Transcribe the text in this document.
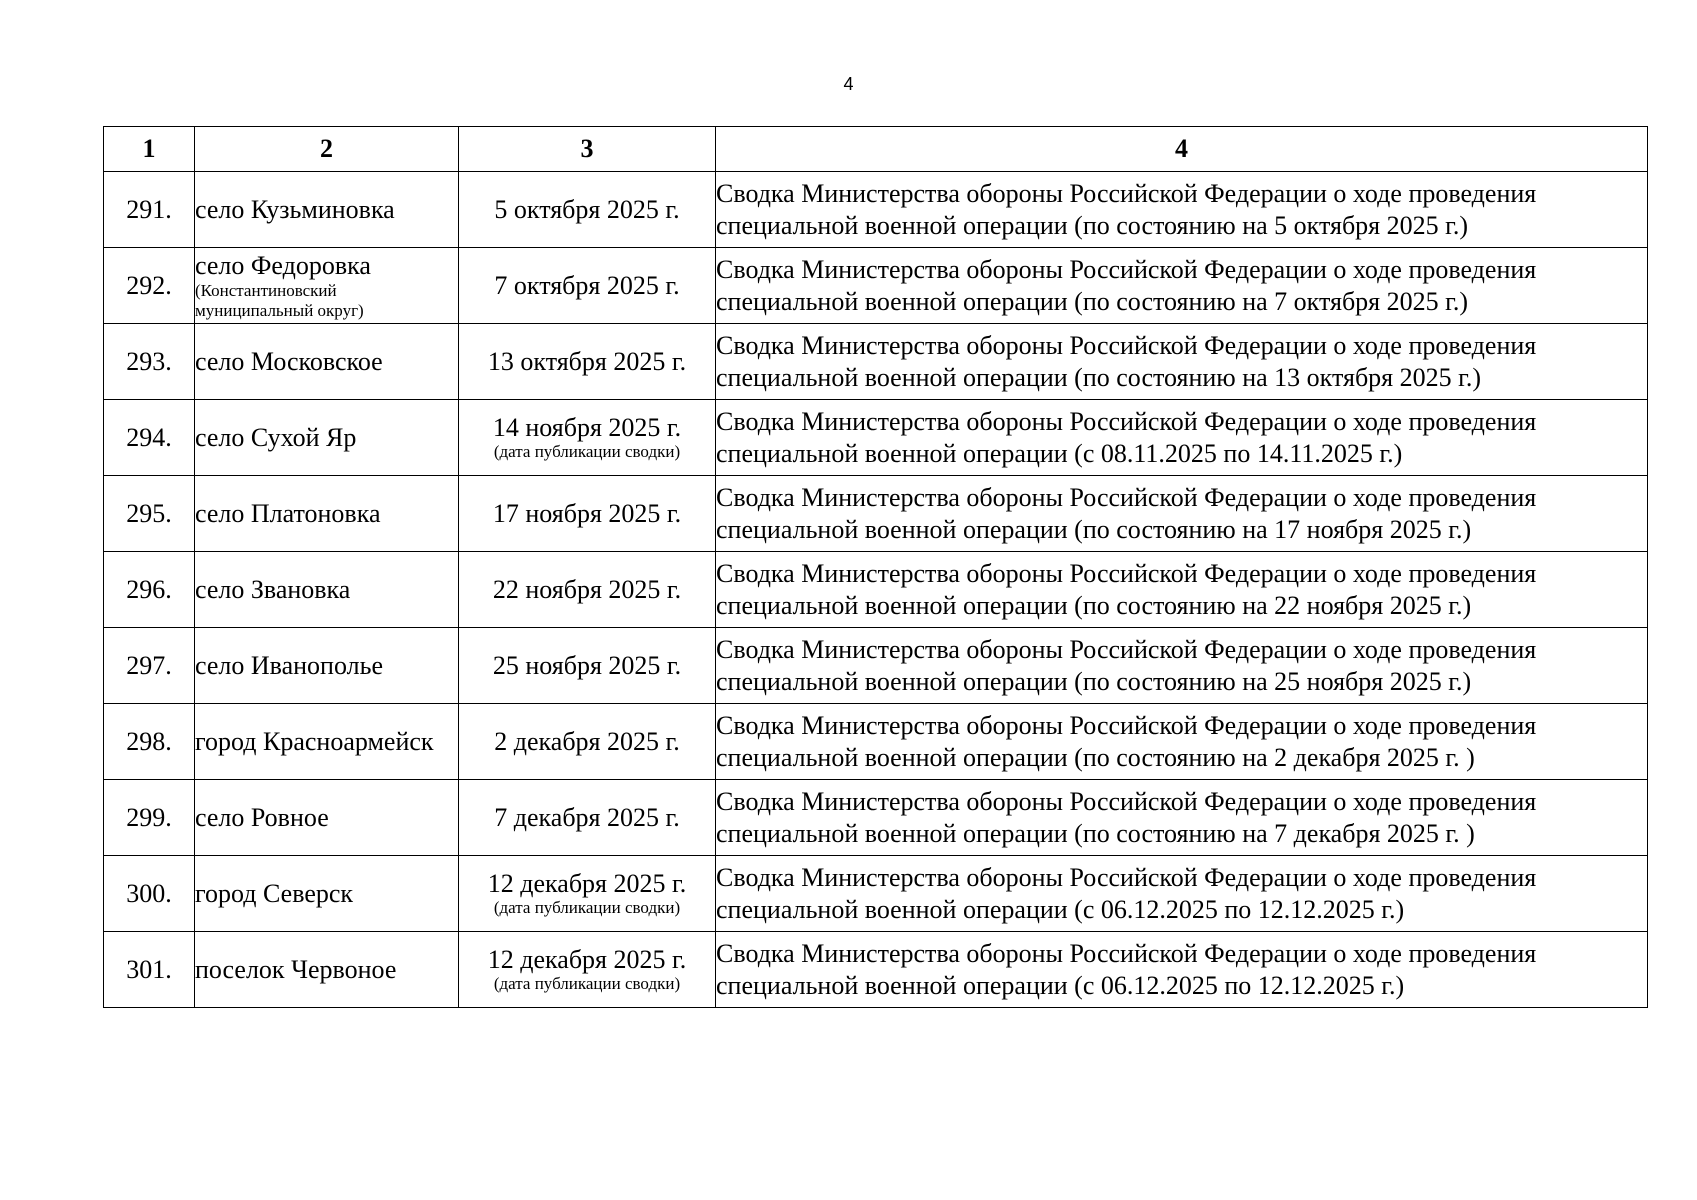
4
1	2	3	4
291.	село Кузьминовка	5 октября 2025 г.	Сводка Министерства обороны Российской Федерации о ходе проведения
специальной военной операции (по состоянию на 5 октября 2025 г.)

292.	село Федоровка
(Константиновский муниципальный округ)	7 октября 2025 г.	Сводка Министерства обороны Российской Федерации о ходе проведения
специальной военной операции (по состоянию на 7 октября 2025 г.)

293.	село Московское	13 октября 2025 г.	Сводка Министерства обороны Российской Федерации о ходе проведения
специальной военной операции (по состоянию на 13 октября 2025 г.)

294.	село Сухой Яр	14 ноября 2025 г.
(дата публикации сводки)	Сводка Министерства обороны Российской Федерации о ходе проведения
специальной военной операции (с 08.11.2025 по 14.11.2025 г.)

295.	село Платоновка	17 ноября 2025 г.	Сводка Министерства обороны Российской Федерации о ходе проведения
специальной военной операции (по состоянию на 17 ноября 2025 г.)

296.	село Звановка	22 ноября 2025 г.	Сводка Министерства обороны Российской Федерации о ходе проведения
специальной военной операции (по состоянию на 22 ноября 2025 г.)

297.	село Иванополье	25 ноября 2025 г.	Сводка Министерства обороны Российской Федерации о ходе проведения
специальной военной операции (по состоянию на 25 ноября 2025 г.)

298.	город Красноармейск	2 декабря 2025 г.	Сводка Министерства обороны Российской Федерации о ходе проведения
специальной военной операции (по состоянию на 2 декабря 2025 г. )

299.	село Ровное	7 декабря 2025 г.	Сводка Министерства обороны Российской Федерации о ходе проведения
специальной военной операции (по состоянию на 7 декабря 2025 г. )

300.	город Северск	12 декабря 2025 г.
(дата публикации сводки)	Сводка Министерства обороны Российской Федерации о ходе проведения
специальной военной операции (с 06.12.2025 по 12.12.2025 г.)

301.	поселок Червоное	12 декабря 2025 г.
(дата публикации сводки)	Сводка Министерства обороны Российской Федерации о ходе проведения
специальной военной операции (с 06.12.2025 по 12.12.2025 г.)
